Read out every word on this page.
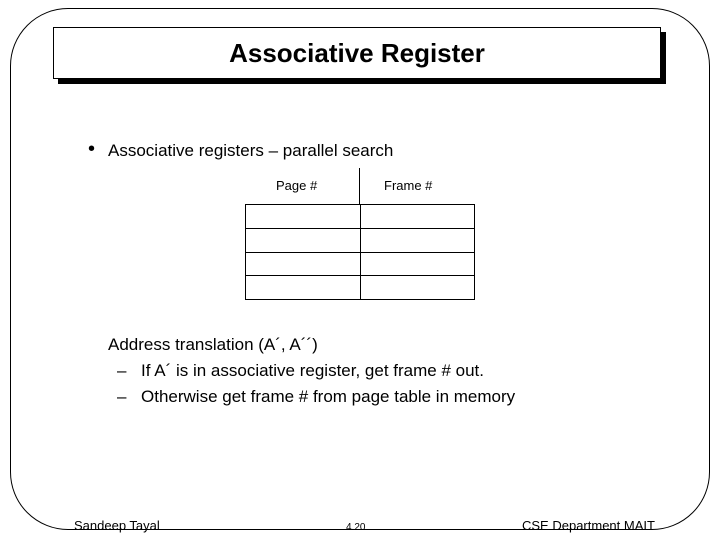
Associative Register
• Associative registers – parallel search
Page #	Frame #

Address translation (A´, A´´)
– If A´ is in associative register, get frame # out.
– Otherwise get frame # from page table in memory
Sandeep Tayal	4.20	CSE Department MAIT
